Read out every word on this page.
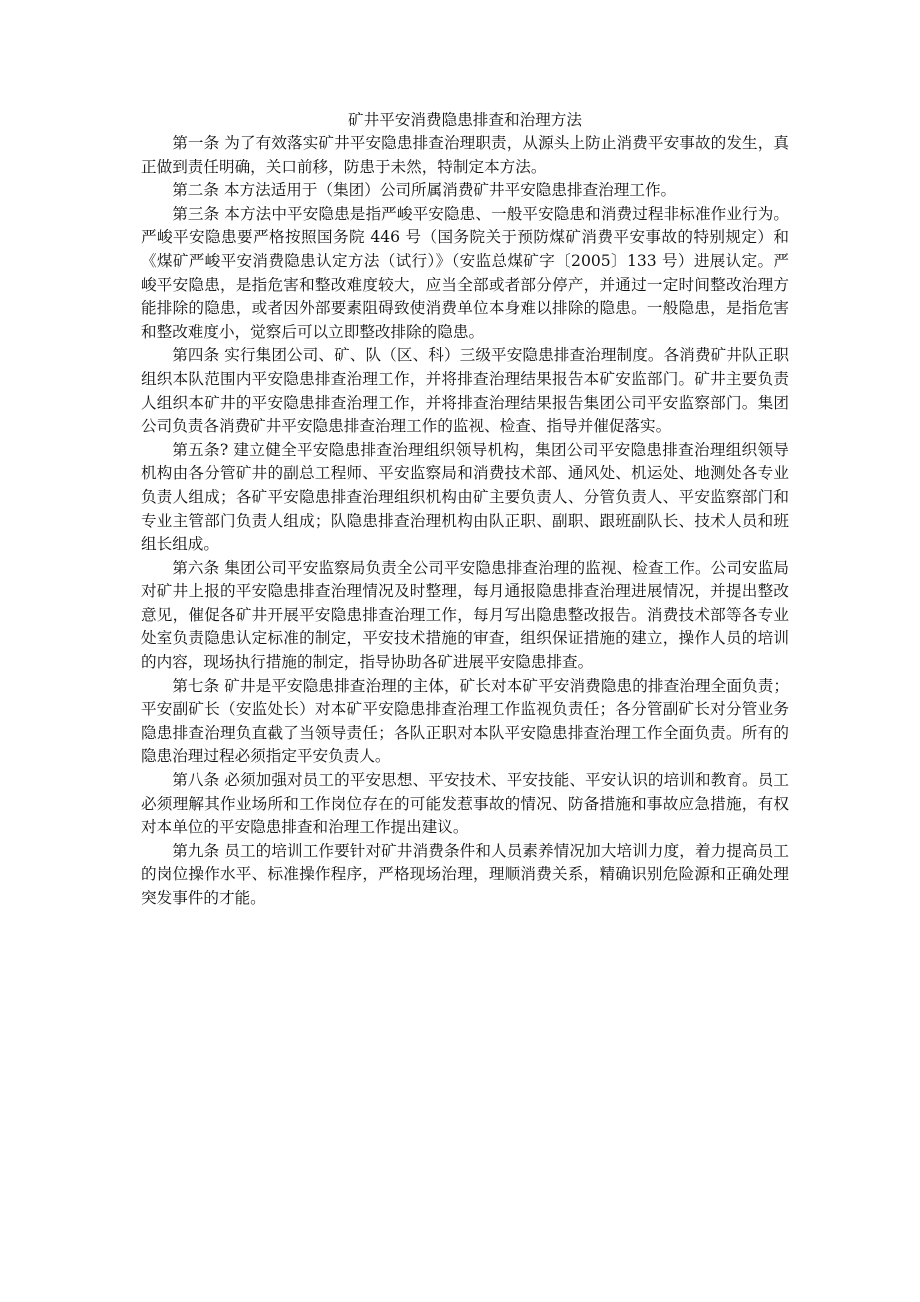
矿井平安消费隐患排查和治理方法

第一条 为了有效落实矿井平安隐患排查治理职责，从源头上防止消费平安事故的发生，真正做到责任明确，关口前移，防患于未然，特制定本方法。

第二条 本方法适用于（集团）公司所属消费矿井平安隐患排查治理工作。

第三条 本方法中平安隐患是指严峻平安隐患、一般平安隐患和消费过程非标准作业行为。严峻平安隐患要严格按照国务院 446 号（国务院关于预防煤矿消费平安事故的特别规定）和《煤矿严峻平安消费隐患认定方法（试行）》（安监总煤矿字〔2005〕133 号）进展认定。严峻平安隐患，是指危害和整改难度较大，应当全部或者部分停产，并通过一定时间整改治理方能排除的隐患，或者因外部要素阻碍致使消费单位本身难以排除的隐患。一般隐患，是指危害和整改难度小，觉察后可以立即整改排除的隐患。

第四条 实行集团公司、矿、队（区、科）三级平安隐患排查治理制度。各消费矿井队正职组织本队范围内平安隐患排查治理工作，并将排查治理结果报告本矿安监部门。矿井主要负责人组织本矿井的平安隐患排查治理工作，并将排查治理结果报告集团公司平安监察部门。集团公司负责各消费矿井平安隐患排查治理工作的监视、检查、指导并催促落实。

第五条? 建立健全平安隐患排查治理组织领导机构，集团公司平安隐患排查治理组织领导机构由各分管矿井的副总工程师、平安监察局和消费技术部、通风处、机运处、地测处各专业负责人组成；各矿平安隐患排查治理组织机构由矿主要负责人、分管负责人、平安监察部门和专业主管部门负责人组成；队隐患排查治理机构由队正职、副职、跟班副队长、技术人员和班组长组成。

第六条 集团公司平安监察局负责全公司平安隐患排查治理的监视、检查工作。公司安监局对矿井上报的平安隐患排查治理情况及时整理，每月通报隐患排查治理进展情况，并提出整改意见，催促各矿井开展平安隐患排查治理工作，每月写出隐患整改报告。消费技术部等各专业处室负责隐患认定标准的制定，平安技术措施的审查，组织保证措施的建立，操作人员的培训的内容，现场执行措施的制定，指导协助各矿进展平安隐患排查。

第七条 矿井是平安隐患排查治理的主体，矿长对本矿平安消费隐患的排查治理全面负责；平安副矿长（安监处长）对本矿平安隐患排查治理工作监视负责任；各分管副矿长对分管业务隐患排查治理负直截了当领导责任；各队正职对本队平安隐患排查治理工作全面负责。所有的隐患治理过程必须指定平安负责人。

第八条 必须加强对员工的平安思想、平安技术、平安技能、平安认识的培训和教育。员工必须理解其作业场所和工作岗位存在的可能发惹事故的情况、防备措施和事故应急措施，有权对本单位的平安隐患排查和治理工作提出建议。

第九条 员工的培训工作要针对矿井消费条件和人员素养情况加大培训力度，着力提高员工的岗位操作水平、标准操作程序，严格现场治理，理顺消费关系，精确识别危险源和正确处理突发事件的才能。
